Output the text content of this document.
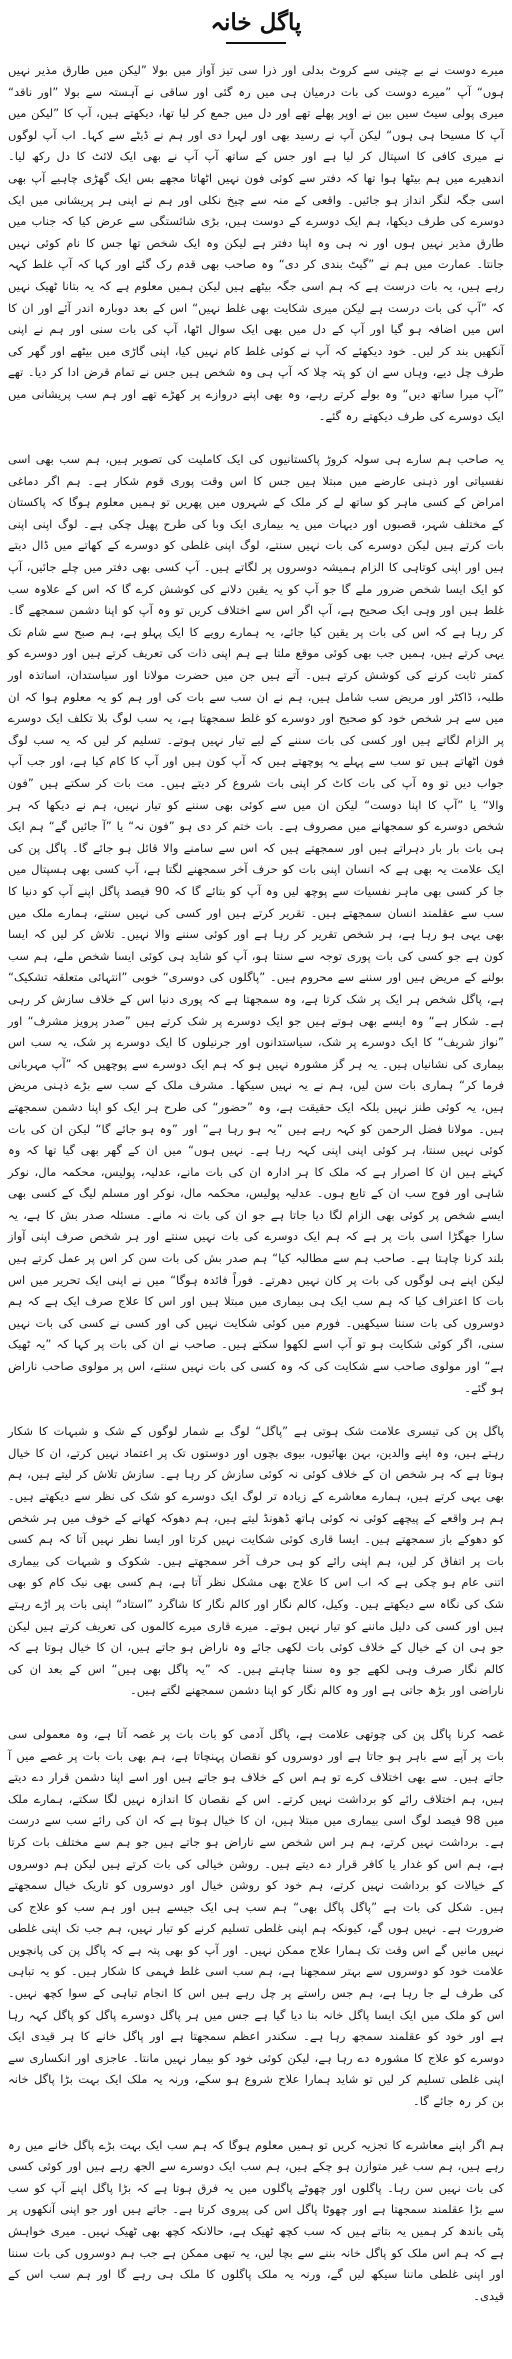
پاگل خانہ

میرے دوست نے بے چینی سے کروٹ بدلی اور ذرا سی تیز آواز میں بولا ”لیکن میں طارق مذیر نہیں ہوں“ آپ ”میرے دوست کی بات درمیان ہی میں رہ گئی اور ساقی نے آہستہ سے بولا ”اور ناقد“ میری پولی سیٹ سیں بین نے اوپر پھلے تھے اور دل میں جمع کر لیا تھا، دیکھتے ہیں، آپ کا ”لیکن میں آپ کا مسیحا ہی ہوں“ لیکن آپ نے رسید بھی اور لہرا دی اور ہم نے ڈیٹے سے کہا۔ اب آپ لوگوں نے میری کافی کا اسپتال کر لیا ہے اور جس کے ساتھ آپ آپ نے بھی ایک لائٹ کا دل رکھ لیا۔ اندھیرے میں ہم بیٹھا ہوا تھا کہ دفتر سے کوئی فون نہیں اٹھاتا مجھے بس ایک گھڑی چاہیے آپ بھی اسی جگہ لنگر انداز ہو جائیں۔ واقعی کے منہ سے چیخ نکلی اور ہم نے اپنی ہر پریشانی میں ایک دوسرے کی طرف دیکھا، ہم ایک دوسرے کے دوست ہیں، بڑی شائستگی سے عرض کیا کہ جناب میں طارق مذیر نہیں ہوں اور نہ ہی وہ اپنا دفتر ہے لیکن وہ ایک شخص تھا جس کا نام کوئی نہیں جانتا۔ عمارت میں ہم نے ”گیٹ بندی کر دی“ وہ صاحب بھی قدم رک گئے اور کہا کہ آپ غلط کہہ رہے ہیں، یہ بات درست ہے کہ ہم اسی جگہ بیٹھے ہیں لیکن ہمیں معلوم ہے کہ یہ بتانا ٹھیک نہیں کہ ”آپ کی بات درست ہے لیکن میری شکایت بھی غلط نہیں“ اس کے بعد دوبارہ اندر آئے اور ان کا اس میں اضافہ ہو گیا اور آپ کے دل میں بھی ایک سوال اٹھا، آپ کی بات سنی اور ہم نے اپنی آنکھیں بند کر لیں۔ خود دیکھئے کہ آپ نے کوئی غلط کام نہیں کیا، اپنی گاڑی میں بیٹھے اور گھر کی طرف چل دیے، وہاں سے ان کو پتہ چلا کہ آپ ہی وہ شخص ہیں جس نے تمام قرض ادا کر دیا۔ تھے ”آپ میرا ساتھ دیں“ وہ بولے کرتے رہے، وہ بھی اپنے دروازے پر کھڑے تھے اور ہم سب پریشانی میں ایک دوسرے کی طرف دیکھتے رہ گئے۔

یہ صاحب ہم سارے ہی سولہ کروڑ پاکستانیوں کی ایک کاملیت کی تصویر ہیں، ہم سب بھی اسی نفسیاتی اور ذہنی عارضے میں مبتلا ہیں جس کا اس وقت پوری قوم شکار ہے۔ ہم اگر دماغی امراض کے کسی ماہر کو ساتھ لے کر ملک کے شہروں میں پھریں تو ہمیں معلوم ہوگا کہ پاکستان کے مختلف شہر، قصبوں اور دیہات میں یہ بیماری ایک وبا کی طرح پھیل چکی ہے۔ لوگ اپنی اپنی بات کرتے ہیں لیکن دوسرے کی بات نہیں سنتے، لوگ اپنی غلطی کو دوسرے کے کھاتے میں ڈال دیتے ہیں اور اپنی کوتاہی کا الزام ہمیشہ دوسروں پر لگاتے ہیں۔ آپ کسی بھی دفتر میں چلے جائیں، آپ کو ایک ایسا شخص ضرور ملے گا جو آپ کو یہ یقین دلانے کی کوشش کرے گا کہ اس کے علاوہ سب غلط ہیں اور وہی ایک صحیح ہے، آپ اگر اس سے اختلاف کریں تو وہ آپ کو اپنا دشمن سمجھے گا۔ کر رہا ہے کہ اس کی بات پر یقین کیا جائے، یہ ہمارے رویے کا ایک پہلو ہے، ہم صبح سے شام تک یہی کرتے ہیں، ہمیں جب بھی کوئی موقع ملتا ہے ہم اپنی ذات کی تعریف کرتے ہیں اور دوسرے کو کمتر ثابت کرنے کی کوشش کرتے ہیں۔ آتے ہیں جن میں حضرت مولانا اور سیاستدان، اساتذہ اور طلبہ، ڈاکٹر اور مریض سب شامل ہیں، ہم نے ان سب سے بات کی اور ہم کو یہ معلوم ہوا کہ ان میں سے ہر شخص خود کو صحیح اور دوسرے کو غلط سمجھتا ہے، یہ سب لوگ بلا تکلف ایک دوسرے پر الزام لگاتے ہیں اور کسی کی بات سننے کے لیے تیار نہیں ہوتے۔ تسلیم کر لیں کہ یہ سب لوگ فون اٹھاتے ہیں تو سب سے پہلے یہ پوچھتے ہیں کہ آپ کون ہیں اور آپ کا کام کیا ہے، اور جب آپ جواب دیں تو وہ آپ کی بات کاٹ کر اپنی بات شروع کر دیتے ہیں۔ مت بات کر سکتے ہیں ”فون والا“ یا ”آپ کا اپنا دوست“ لیکن ان میں سے کوئی بھی سننے کو تیار نہیں، ہم نے دیکھا کہ ہر شخص دوسرے کو سمجھانے میں مصروف ہے۔ بات ختم کر دی ہو ”فون نہ“ یا ”آ جائیں گے“ ہم ایک ہی بات بار بار دہراتے ہیں اور سمجھتے ہیں کہ اس سے سامنے والا قائل ہو جائے گا۔ پاگل پن کی ایک علامت یہ بھی ہے کہ انسان اپنی بات کو حرف آخر سمجھنے لگتا ہے، آپ کسی بھی ہسپتال میں جا کر کسی بھی ماہر نفسیات سے پوچھ لیں وہ آپ کو بتائے گا کہ 90 فیصد پاگل اپنے آپ کو دنیا کا سب سے عقلمند انسان سمجھتے ہیں۔ تقریر کرتے ہیں اور کسی کی نہیں سنتے، ہمارے ملک میں بھی یہی ہو رہا ہے، ہر شخص تقریر کر رہا ہے اور کوئی سننے والا نہیں۔ تلاش کر لیں کہ ایسا کون ہے جو کسی کی بات پوری توجہ سے سنتا ہو، آپ کو شاید ہی کوئی ایسا شخص ملے، ہم سب بولنے کے مریض ہیں اور سننے سے محروم ہیں۔ ”پاگلوں کی دوسری“ خوبی ”انتہائی متعلقہ تشکیک“ ہے، پاگل شخص ہر ایک پر شک کرتا ہے، وہ سمجھتا ہے کہ پوری دنیا اس کے خلاف سازش کر رہی ہے۔ شکار ہے“ وہ ایسے بھی ہوتے ہیں جو ایک دوسرے پر شک کرتے ہیں ”صدر پرویز مشرف“ اور ”نواز شریف“ کا ایک دوسرے پر شک، سیاستدانوں اور جرنیلوں کا ایک دوسرے پر شک، یہ سب اس بیماری کی نشانیاں ہیں۔ یہ ہر گز مشورہ نہیں ہو کہ ہم ایک دوسرے سے پوچھیں کہ ”آپ مہربانی فرما کر“ ہماری بات سن لیں، ہم نے یہ نہیں سیکھا۔ مشرف ملک کے سب سے بڑے ذہنی مریض ہیں، یہ کوئی طنز نہیں بلکہ ایک حقیقت ہے، وہ ”حضور“ کی طرح ہر ایک کو اپنا دشمن سمجھتے ہیں۔ مولانا فضل الرحمن کو کہہ رہے ہیں ”یہ ہو رہا ہے“ اور ”وہ ہو جائے گا“ لیکن ان کی بات کوئی نہیں سنتا، ہر کوئی اپنی اپنی کہہ رہا ہے۔ نہیں ہوں“ میں ان کے گھر بھی گیا تھا کہ وہ کہتے ہیں ان کا اصرار ہے کہ ملک کا ہر ادارہ ان کی بات مانے، عدلیہ، پولیس، محکمہ مال، نوکر شاہی اور فوج سب ان کے تابع ہوں۔ عدلیہ پولیس، محکمہ مال، نوکر اور مسلم لیگ کے کسی بھی ایسے شخص پر کوئی بھی الزام لگا دیا جاتا ہے جو ان کی بات نہ مانے۔ مسئلہ صدر بش کا ہے، یہ سارا جھگڑا اسی بات پر ہے کہ ہم ایک دوسرے کی بات نہیں سنتے اور ہر شخص صرف اپنی آواز بلند کرنا چاہتا ہے۔ صاحب ہم سے مطالبہ کیا“ ہم صدر بش کی بات سن کر اس پر عمل کرتے ہیں لیکن اپنے ہی لوگوں کی بات پر کان نہیں دھرتے۔ فوراً فائدہ ہوگا“ میں نے اپنی ایک تحریر میں اس بات کا اعتراف کیا کہ ہم سب ایک ہی بیماری میں مبتلا ہیں اور اس کا علاج صرف ایک ہے کہ ہم دوسروں کی بات سننا سیکھیں۔ فورم میں کوئی شکایت نہیں کی اور کسی نے کسی کی بات نہیں سنی، اگر کوئی شکایت ہو تو آپ اسے لکھوا سکتے ہیں۔ صاحب نے ان کی بات پر کہا کہ ”یہ ٹھیک ہے“ اور مولوی صاحب سے شکایت کی کہ وہ کسی کی بات نہیں سنتے، اس پر مولوی صاحب ناراض ہو گئے۔

پاگل پن کی تیسری علامت شک ہوتی ہے ”پاگل“ لوگ بے شمار لوگوں کے شک و شبہات کا شکار رہتے ہیں، وہ اپنے والدین، بہن بھائیوں، بیوی بچوں اور دوستوں تک پر اعتماد نہیں کرتے، ان کا خیال ہوتا ہے کہ ہر شخص ان کے خلاف کوئی نہ کوئی سازش کر رہا ہے۔ سازش تلاش کر لیتے ہیں، ہم بھی یہی کرتے ہیں، ہمارے معاشرے کے زیادہ تر لوگ ایک دوسرے کو شک کی نظر سے دیکھتے ہیں۔ ہم ہر واقعے کے پیچھے کوئی نہ کوئی ہاتھ ڈھونڈ لیتے ہیں، ہم دھوکہ کھانے کے خوف میں ہر شخص کو دھوکے باز سمجھتے ہیں۔ ایسا قاری کوئی شکایت نہیں کرتا اور ایسا نظر نہیں آتا کہ ہم کسی بات پر اتفاق کر لیں، ہم اپنی رائے کو ہی حرف آخر سمجھتے ہیں۔ شکوک و شبہات کی بیماری اتنی عام ہو چکی ہے کہ اب اس کا علاج بھی مشکل نظر آتا ہے، ہم کسی بھی نیک کام کو بھی شک کی نگاہ سے دیکھتے ہیں۔ وکیل، کالم نگار اور کالم نگار کا شاگرد ”استاد“ اپنی بات پر اڑے رہتے ہیں اور کسی کی دلیل ماننے کو تیار نہیں ہوتے۔ میرے قاری میرے کالموں کی تعریف کرتے ہیں لیکن جو ہی ان کے خیال کے خلاف کوئی بات لکھی جائے وہ ناراض ہو جاتے ہیں، ان کا خیال ہوتا ہے کہ کالم نگار صرف وہی لکھے جو وہ سننا چاہتے ہیں۔ کہ ”یہ پاگل بھی ہیں“ اس کے بعد ان کی ناراضی اور بڑھ جاتی ہے اور وہ کالم نگار کو اپنا دشمن سمجھنے لگتے ہیں۔

غصہ کرنا پاگل پن کی چوتھی علامت ہے، پاگل آدمی کو بات بات پر غصہ آتا ہے، وہ معمولی سی بات پر آپے سے باہر ہو جاتا ہے اور دوسروں کو نقصان پہنچاتا ہے، ہم بھی بات بات پر غصے میں آ جاتے ہیں۔ سے بھی اختلاف کرے تو ہم اس کے خلاف ہو جاتے ہیں اور اسے اپنا دشمن قرار دے دیتے ہیں، ہم اختلاف رائے کو برداشت نہیں کرتے۔ اس کے نقصان کا اندازہ نہیں لگا سکتے، ہمارے ملک میں 98 فیصد لوگ اسی بیماری میں مبتلا ہیں، ان کا خیال ہوتا ہے کہ ان کی رائے سب سے درست ہے۔ برداشت نہیں کرتے، ہم ہر اس شخص سے ناراض ہو جاتے ہیں جو ہم سے مختلف بات کرتا ہے، ہم اس کو غدار یا کافر قرار دے دیتے ہیں۔ روشن خیالی کی بات کرتے ہیں لیکن ہم دوسروں کے خیالات کو برداشت نہیں کرتے، ہم خود کو روشن خیال اور دوسروں کو تاریک خیال سمجھتے ہیں۔ شکل کی بات ہے ”پاگل پاگل بھی“ ہم سب ہی ایک جیسے ہیں اور ہم سب کو علاج کی ضرورت ہے۔ نہیں ہوں گے، کیونکہ ہم اپنی غلطی تسلیم کرنے کو تیار نہیں، ہم جب تک اپنی غلطی نہیں مانیں گے اس وقت تک ہمارا علاج ممکن نہیں۔ اور آپ کو بھی پتہ ہے کہ پاگل پن کی پانچویں علامت خود کو دوسروں سے بہتر سمجھنا ہے، ہم سب اسی غلط فہمی کا شکار ہیں۔ کو یہ تباہی کی طرف لے جا رہا ہے، ہم جس راستے پر چل رہے ہیں اس کا انجام تباہی کے سوا کچھ نہیں۔ اس کو ملک میں ایک ایسا پاگل خانہ بنا دیا گیا ہے جس میں ہر پاگل دوسرے پاگل کو پاگل کہہ رہا ہے اور خود کو عقلمند سمجھ رہا ہے۔ سکندر اعظم سمجھتا ہے اور پاگل خانے کا ہر قیدی ایک دوسرے کو علاج کا مشورہ دے رہا ہے، لیکن کوئی خود کو بیمار نہیں مانتا۔ عاجزی اور انکساری سے اپنی غلطی تسلیم کر لیں تو شاید ہمارا علاج شروع ہو سکے، ورنہ یہ ملک ایک بہت بڑا پاگل خانہ بن کر رہ جائے گا۔

ہم اگر اپنے معاشرے کا تجزیہ کریں تو ہمیں معلوم ہوگا کہ ہم سب ایک بہت بڑے پاگل خانے میں رہ رہے ہیں، ہم سب غیر متوازن ہو چکے ہیں، ہم سب ایک دوسرے سے الجھ رہے ہیں اور کوئی کسی کی بات نہیں سن رہا۔ پاگلوں اور چھوٹے پاگلوں میں یہ فرق ہوتا ہے کہ بڑا پاگل اپنے آپ کو سب سے بڑا عقلمند سمجھتا ہے اور چھوٹا پاگل اس کی پیروی کرتا ہے۔ جاتے ہیں اور جو اپنی آنکھوں پر پٹی باندھ کر ہمیں یہ بتاتے ہیں کہ سب کچھ ٹھیک ہے، حالانکہ کچھ بھی ٹھیک نہیں۔ میری خواہش ہے کہ ہم اس ملک کو پاگل خانہ بننے سے بچا لیں، یہ تبھی ممکن ہے جب ہم دوسروں کی بات سننا اور اپنی غلطی ماننا سیکھ لیں گے، ورنہ یہ ملک پاگلوں کا ملک ہی رہے گا اور ہم سب اس کے قیدی۔
